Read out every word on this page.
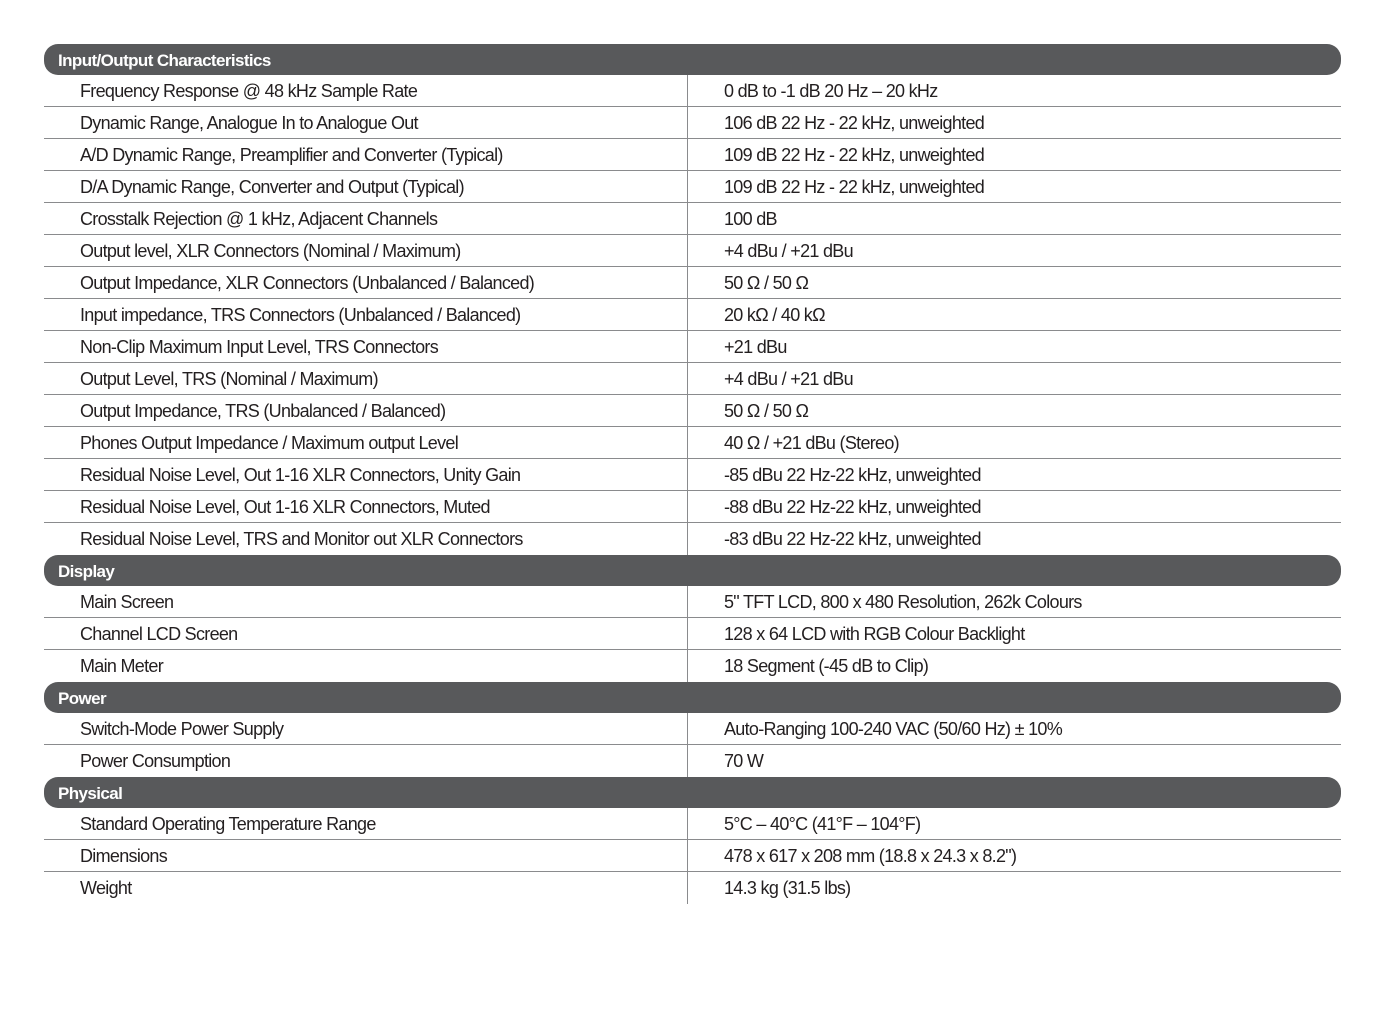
Input/Output Characteristics
Frequency Response @ 48 kHz Sample Rate	0 dB to -1 dB 20 Hz – 20 kHz
Dynamic Range, Analogue In to Analogue Out	106 dB 22 Hz - 22 kHz, unweighted
A/D Dynamic Range, Preamplifier and Converter (Typical)	109 dB 22 Hz - 22 kHz, unweighted
D/A Dynamic Range, Converter and Output (Typical)	109 dB 22 Hz - 22 kHz, unweighted
Crosstalk Rejection @ 1 kHz, Adjacent Channels	100 dB
Output level, XLR Connectors (Nominal / Maximum)	+4 dBu / +21 dBu
Output Impedance, XLR Connectors (Unbalanced / Balanced)	50 Ω / 50 Ω
Input impedance, TRS Connectors (Unbalanced / Balanced)	20 kΩ / 40 kΩ
Non-Clip Maximum Input Level, TRS Connectors	+21 dBu
Output Level, TRS (Nominal / Maximum)	+4 dBu / +21 dBu
Output Impedance, TRS (Unbalanced / Balanced)	50 Ω / 50 Ω
Phones Output Impedance / Maximum output Level	40 Ω / +21 dBu (Stereo)
Residual Noise Level, Out 1-16 XLR Connectors, Unity Gain	-85 dBu 22 Hz-22 kHz, unweighted
Residual Noise Level, Out 1-16 XLR Connectors, Muted	-88 dBu 22 Hz-22 kHz, unweighted
Residual Noise Level, TRS and Monitor out XLR Connectors	-83 dBu 22 Hz-22 kHz, unweighted
Display
Main Screen	5" TFT LCD, 800 x 480 Resolution, 262k Colours
Channel LCD Screen	128 x 64 LCD with RGB Colour Backlight
Main Meter	18 Segment (-45 dB to Clip)
Power
Switch-Mode Power Supply	Auto-Ranging 100-240 VAC (50/60 Hz) ± 10%
Power Consumption	70 W
Physical
Standard Operating Temperature Range	5°C – 40°C (41°F – 104°F)
Dimensions	478 x 617 x 208 mm (18.8 x 24.3 x 8.2")
Weight	14.3 kg (31.5 lbs)
